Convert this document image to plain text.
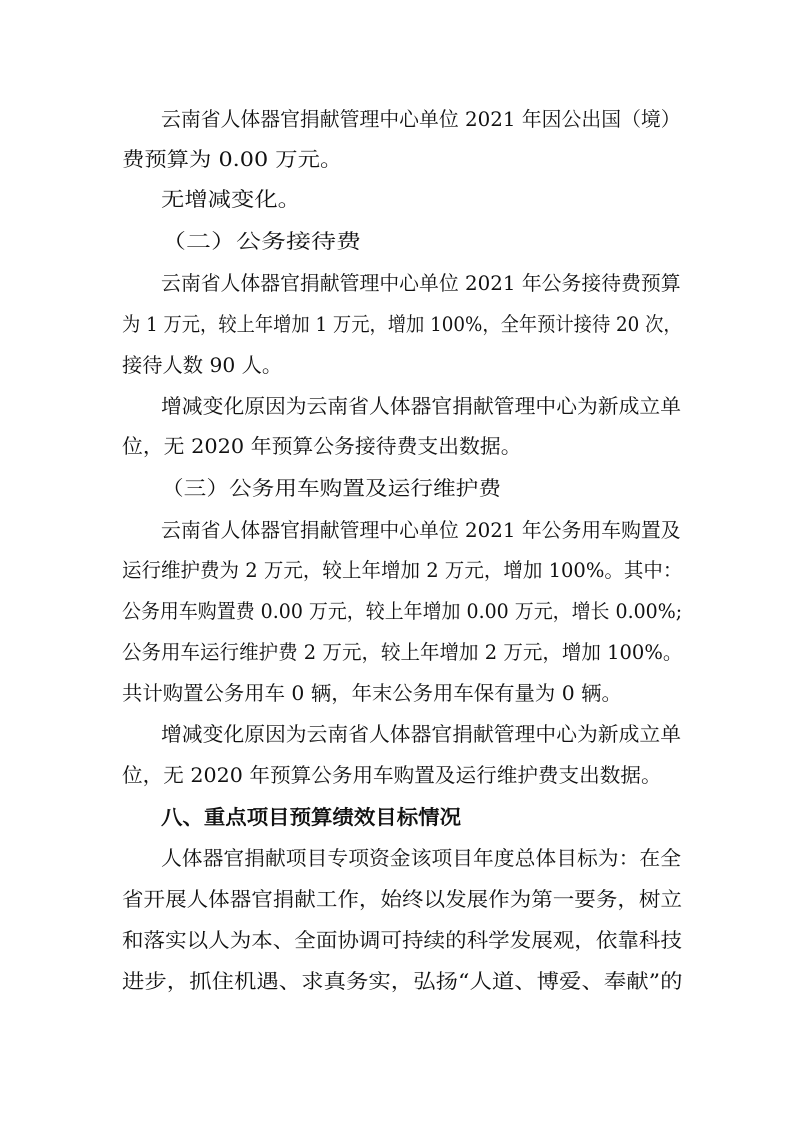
云南省人体器官捐献管理中心单位 2021 年因公出国（境）
费预算为 0.00 万元。
无增减变化。
（二）公务接待费
云南省人体器官捐献管理中心单位 2021 年公务接待费预算
为 1 万元，较上年增加 1 万元，增加 100%，全年预计接待 20 次，
接待人数 90 人。
增减变化原因为云南省人体器官捐献管理中心为新成立单
位，无 2020 年预算公务接待费支出数据。
（三）公务用车购置及运行维护费
云南省人体器官捐献管理中心单位 2021 年公务用车购置及
运行维护费为 2 万元，较上年增加 2 万元，增加 100%。其中：
公务用车购置费 0.00 万元，较上年增加 0.00 万元，增长 0.00%;
公务用车运行维护费 2 万元，较上年增加 2 万元，增加 100%。
共计购置公务用车 0 辆，年末公务用车保有量为 0 辆。
增减变化原因为云南省人体器官捐献管理中心为新成立单
位，无 2020 年预算公务用车购置及运行维护费支出数据。
八、重点项目预算绩效目标情况
人体器官捐献项目专项资金该项目年度总体目标为：在全
省开展人体器官捐献工作，始终以发展作为第一要务，树立
和落实以人为本、全面协调可持续的科学发展观，依靠科技
进步，抓住机遇、求真务实，弘扬“人道、博爱、奉献”的
